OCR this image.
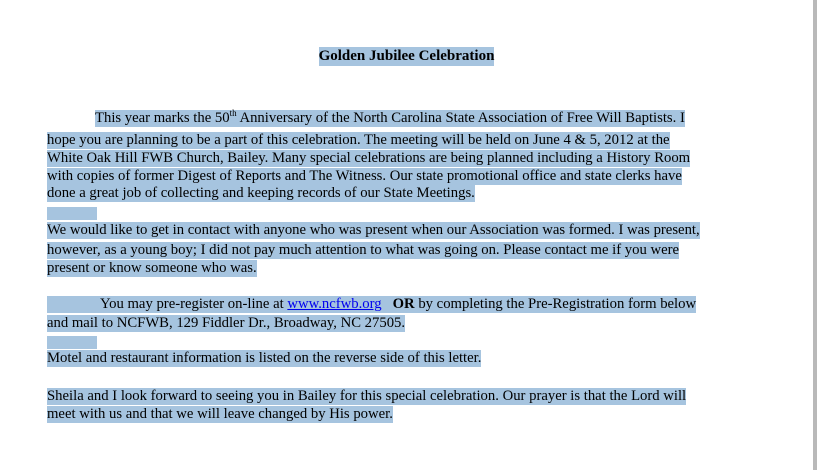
Golden Jubilee Celebration
This year marks the 50th Anniversary of the North Carolina State Association of Free Will Baptists. I
hope you are planning to be a part of this celebration. The meeting will be held on June 4 & 5, 2012 at the
White Oak Hill FWB Church, Bailey. Many special celebrations are being planned including a History Room
with copies of former Digest of Reports and The Witness. Our state promotional office and state clerks have
done a great job of collecting and keeping records of our State Meetings.
We would like to get in contact with anyone who was present when our Association was formed. I was present,
however, as a young boy; I did not pay much attention to what was going on. Please contact me if you were
present or know someone who was.
You may pre-register on-line at www.ncfwb.org OR by completing the Pre-Registration form below
and mail to NCFWB, 129 Fiddler Dr., Broadway, NC 27505.
Motel and restaurant information is listed on the reverse side of this letter.
Sheila and I look forward to seeing you in Bailey for this special celebration. Our prayer is that the Lord will
meet with us and that we will leave changed by His power.
